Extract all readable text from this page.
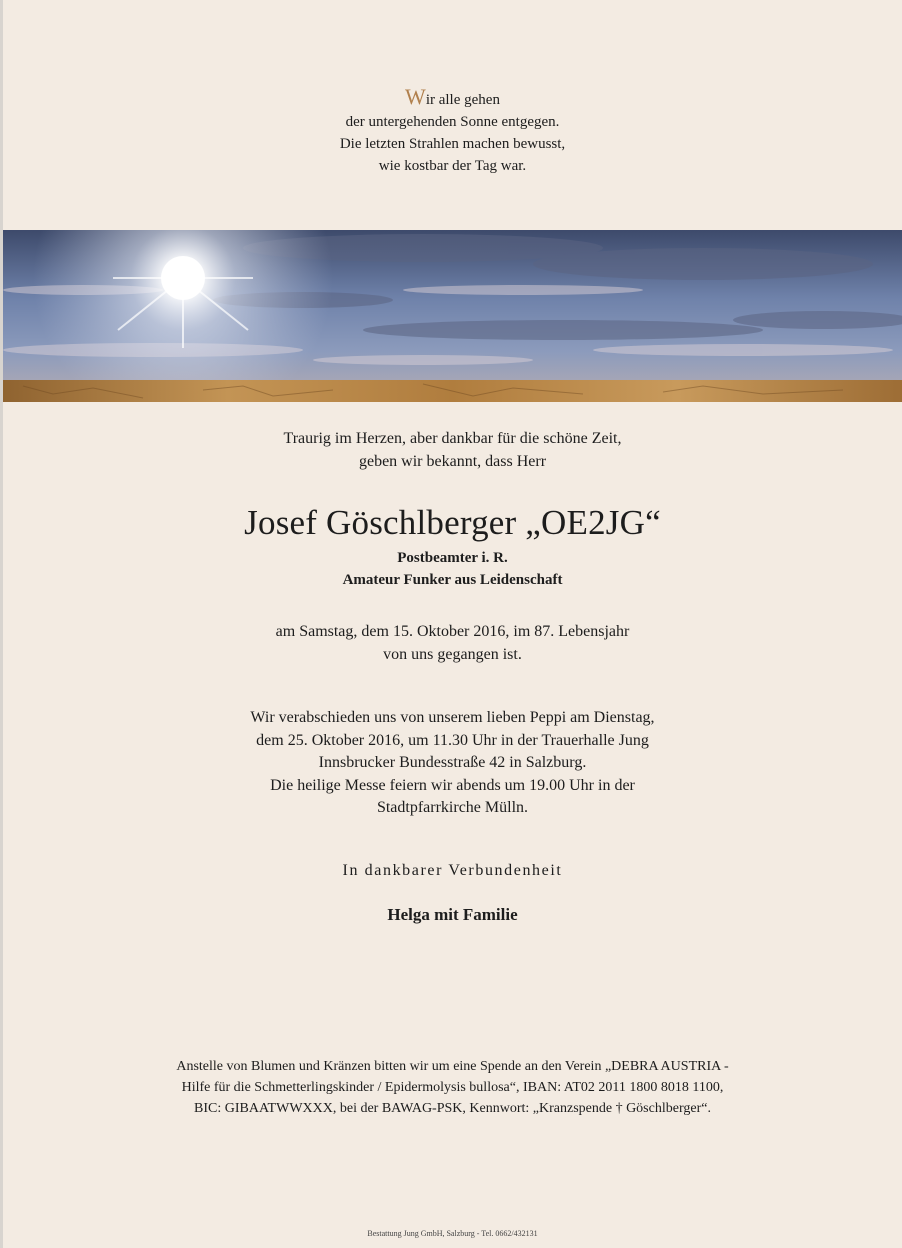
Wir alle gehen
der untergehenden Sonne entgegen.
Die letzten Strahlen machen bewusst,
wie kostbar der Tag war.
Traurig im Herzen, aber dankbar für die schöne Zeit,
geben wir bekannt, dass Herr
Josef Göschlberger „OE2JG“
Postbeamter i. R.
Amateur Funker aus Leidenschaft
am Samstag, dem 15. Oktober 2016, im 87. Lebensjahr
von uns gegangen ist.
Wir verabschieden uns von unserem lieben Peppi am Dienstag,
dem 25. Oktober 2016, um 11.30 Uhr in der Trauerhalle Jung
Innsbrucker Bundesstraße 42 in Salzburg.
Die heilige Messe feiern wir abends um 19.00 Uhr in der
Stadtpfarrkirche Mülln.
In dankbarer Verbundenheit
Helga mit Familie
Anstelle von Blumen und Kränzen bitten wir um eine Spende an den Verein „DEBRA AUSTRIA -
Hilfe für die Schmetterlingskinder / Epidermolysis bullosa“, IBAN: AT02 2011 1800 8018 1100,
BIC: GIBAATWWXXX, bei der BAWAG-PSK, Kennwort: „Kranzspende † Göschlberger“.
Bestattung Jung GmbH, Salzburg - Tel. 0662/432131
